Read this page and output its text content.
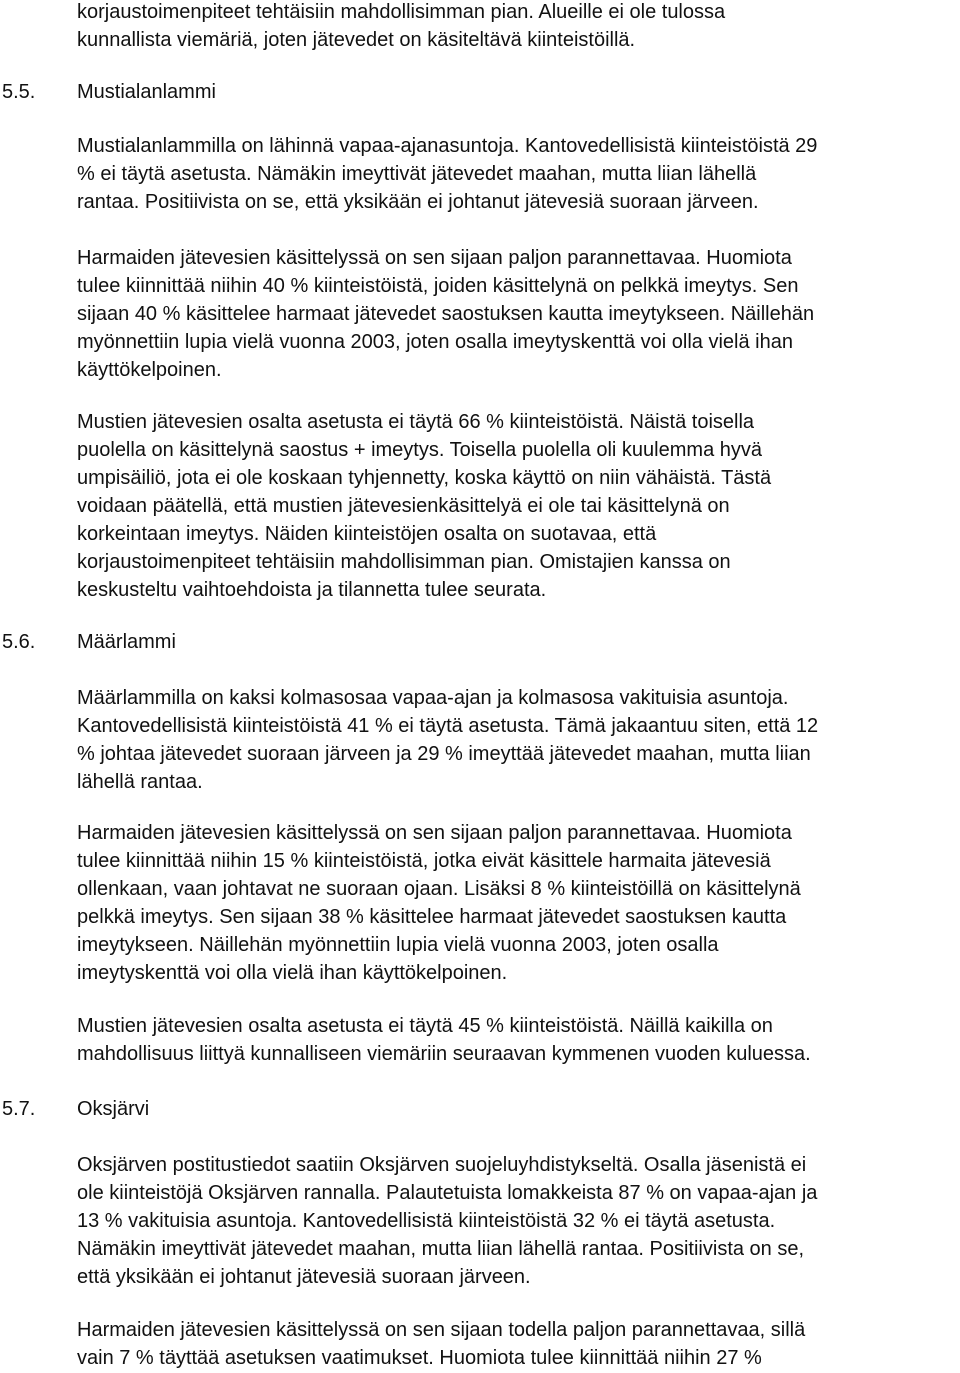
korjaustoimenpiteet tehtäisiin mahdollisimman pian. Alueille ei ole tulossa
kunnallista viemäriä, joten jätevedet on käsiteltävä kiinteistöillä.

5.5. Mustialanlammi

Mustialanlammilla on lähinnä vapaa-ajanasuntoja. Kantovedellisistä kiinteistöistä 29
% ei täytä asetusta. Nämäkin imeyttivät jätevedet maahan, mutta liian lähellä
rantaa. Positiivista on se, että yksikään ei johtanut jätevesiä suoraan järveen.

Harmaiden jätevesien käsittelyssä on sen sijaan paljon parannettavaa. Huomiota
tulee kiinnittää niihin 40 % kiinteistöistä, joiden käsittelynä on pelkkä imeytys. Sen
sijaan 40 % käsittelee harmaat jätevedet saostuksen kautta imeytykseen. Näillehän
myönnettiin lupia vielä vuonna 2003, joten osalla imeytyskenttä voi olla vielä ihan
käyttökelpoinen.

Mustien jätevesien osalta asetusta ei täytä 66 % kiinteistöistä. Näistä toisella
puolella on käsittelynä saostus + imeytys. Toisella puolella oli kuulemma hyvä
umpisäiliö, jota ei ole koskaan tyhjennetty, koska käyttö on niin vähäistä. Tästä
voidaan päätellä, että mustien jätevesienkäsittelyä ei ole tai käsittelynä on
korkeintaan imeytys. Näiden kiinteistöjen osalta on suotavaa, että
korjaustoimenpiteet tehtäisiin mahdollisimman pian. Omistajien kanssa on
keskusteltu vaihtoehdoista ja tilannetta tulee seurata.

5.6. Määrlammi

Määrlammilla on kaksi kolmasosaa vapaa-ajan ja kolmasosa vakituisia asuntoja.
Kantovedellisistä kiinteistöistä 41 % ei täytä asetusta. Tämä jakaantuu siten, että 12
% johtaa jätevedet suoraan järveen ja 29 % imeyttää jätevedet maahan, mutta liian
lähellä rantaa.

Harmaiden jätevesien käsittelyssä on sen sijaan paljon parannettavaa. Huomiota
tulee kiinnittää niihin 15 % kiinteistöistä, jotka eivät käsittele harmaita jätevesiä
ollenkaan, vaan johtavat ne suoraan ojaan. Lisäksi 8 % kiinteistöillä on käsittelynä
pelkkä imeytys. Sen sijaan 38 % käsittelee harmaat jätevedet saostuksen kautta
imeytykseen. Näillehän myönnettiin lupia vielä vuonna 2003, joten osalla
imeytyskenttä voi olla vielä ihan käyttökelpoinen.

Mustien jätevesien osalta asetusta ei täytä 45 % kiinteistöistä. Näillä kaikilla on
mahdollisuus liittyä kunnalliseen viemäriin seuraavan kymmenen vuoden kuluessa.

5.7. Oksjärvi

Oksjärven postitustiedot saatiin Oksjärven suojeluyhdistykseltä. Osalla jäsenistä ei
ole kiinteistöjä Oksjärven rannalla. Palautetuista lomakkeista 87 % on vapaa-ajan ja
13 % vakituisia asuntoja. Kantovedellisistä kiinteistöistä 32 % ei täytä asetusta.
Nämäkin imeyttivät jätevedet maahan, mutta liian lähellä rantaa. Positiivista on se,
että yksikään ei johtanut jätevesiä suoraan järveen.

Harmaiden jätevesien käsittelyssä on sen sijaan todella paljon parannettavaa, sillä
vain 7 % täyttää asetuksen vaatimukset. Huomiota tulee kiinnittää niihin 27 %
